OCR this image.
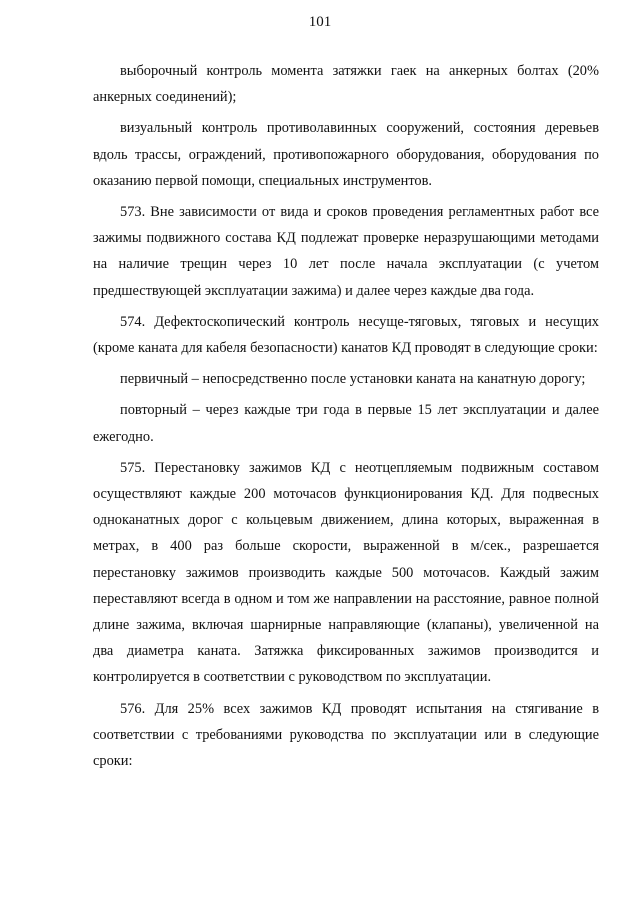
101

выборочный контроль момента затяжки гаек на анкерных болтах (20% анкерных соединений);

визуальный контроль противолавинных сооружений, состояния деревьев вдоль трассы, ограждений, противопожарного оборудования, оборудования по оказанию первой помощи, специальных инструментов.

573. Вне зависимости от вида и сроков проведения регламентных работ все зажимы подвижного состава КД подлежат проверке неразрушающими методами на наличие трещин через 10 лет после начала эксплуатации (с учетом предшествующей эксплуатации зажима) и далее через каждые два года.

574. Дефектоскопический контроль несуще-тяговых, тяговых и несущих (кроме каната для кабеля безопасности) канатов КД проводят в следующие сроки:

первичный – непосредственно после установки каната на канатную дорогу;

повторный – через каждые три года в первые 15 лет эксплуатации и далее ежегодно.

575. Перестановку зажимов КД с неотцепляемым подвижным составом осуществляют каждые 200 моточасов функционирования КД. Для подвесных одноканатных дорог с кольцевым движением, длина которых, выраженная в метрах, в 400 раз больше скорости, выраженной в м/сек., разрешается перестановку зажимов производить каждые 500 моточасов. Каждый зажим переставляют всегда в одном и том же направлении на расстояние, равное полной длине зажима, включая шарнирные направляющие (клапаны), увеличенной на два диаметра каната. Затяжка фиксированных зажимов производится и контролируется в соответствии с руководством по эксплуатации.

576. Для 25% всех зажимов КД проводят испытания на стягивание в соответствии с требованиями руководства по эксплуатации или в следующие сроки:
